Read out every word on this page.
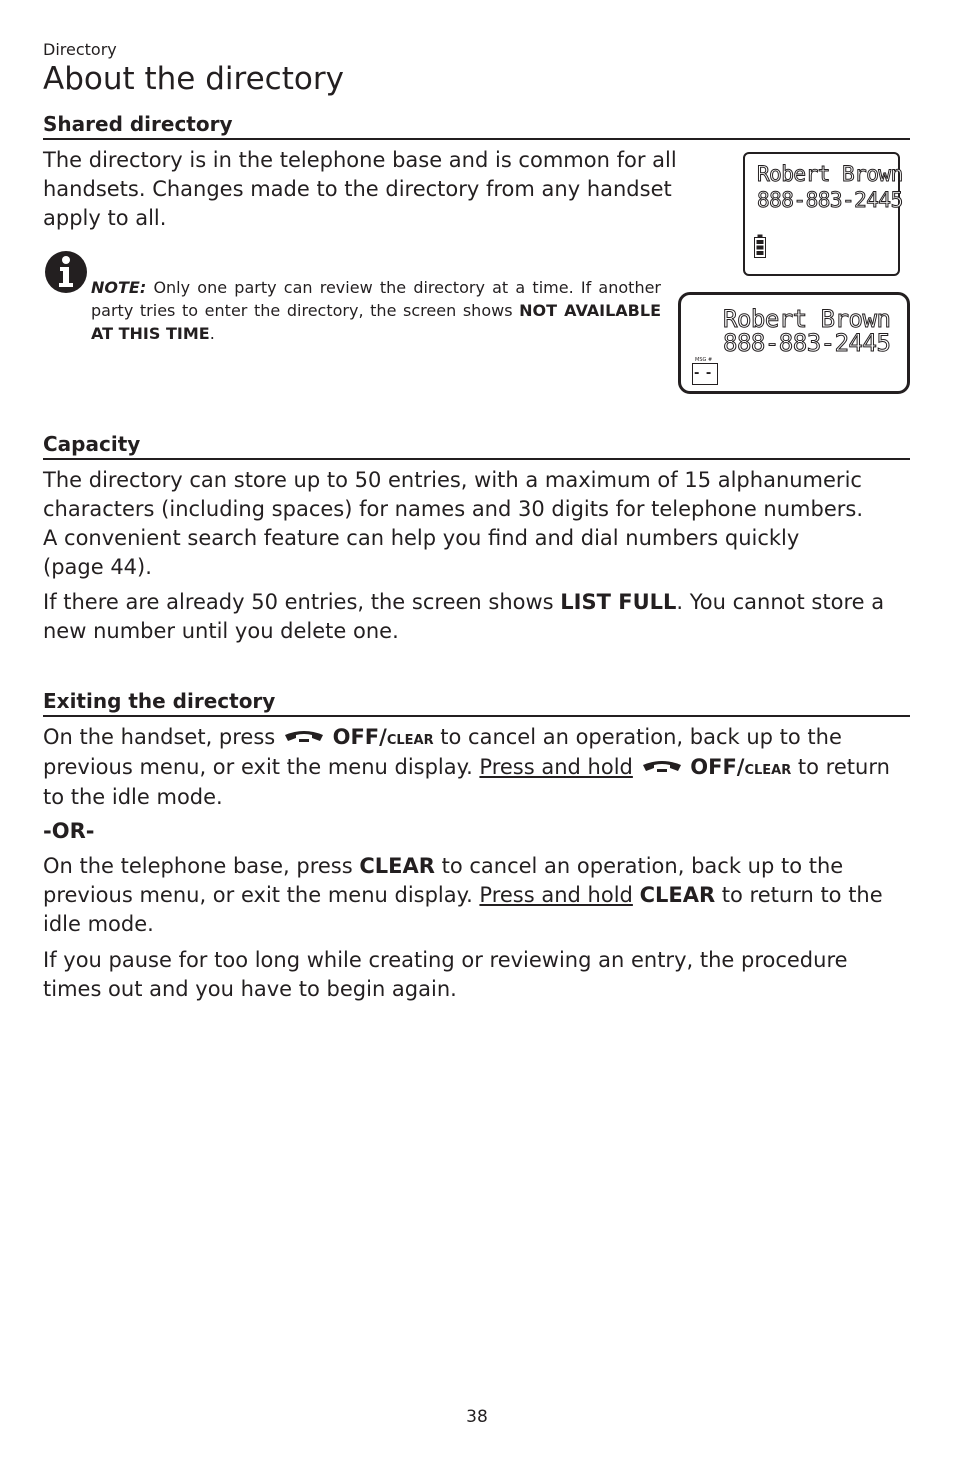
Directory
About the directory
Shared directory

The directory is in the telephone base and is common for all handsets. Changes made to the directory from any handset apply to all.

NOTE: Only one party can review the directory at a time. If another party tries to enter the directory, the screen shows NOT AVAILABLE AT THIS TIME.

Robert Brown
888-883-2445
Robert Brown
888-883-2445
MSG #
- -
Capacity

The directory can store up to 50 entries, with a maximum of 15 alphanumeric
characters (including spaces) for names and 30 digits for telephone numbers.
A convenient search feature can help you find and dial numbers quickly
(page 44).

If there are already 50 entries, the screen shows LIST FULL. You cannot store a new number until you delete one.

Exiting the directory

On the handset, press  OFF/clear to cancel an operation, back up to the previous menu, or exit the menu display. Press and hold	OFF/clear to return to the idle mode.

-OR-

On the telephone base, press CLEAR to cancel an operation, back up to the previous menu, or exit the menu display. Press and hold CLEAR to return to the idle mode.

If you pause for too long while creating or reviewing an entry, the procedure times out and you have to begin again.

38
